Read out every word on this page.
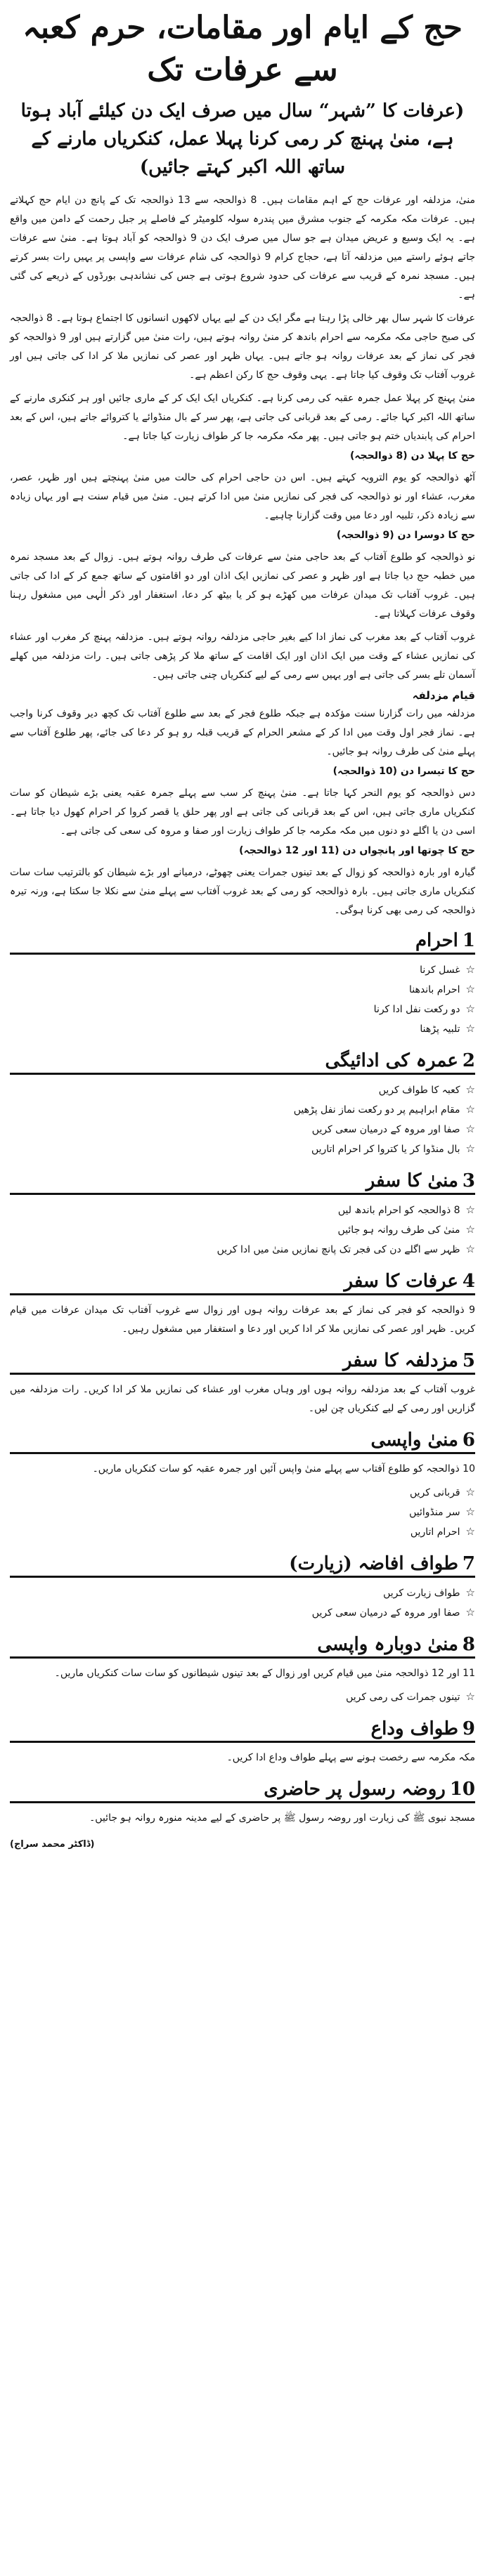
حج کے ایام اور مقامات، حرم کعبہ سے عرفات تک
(عرفات کا ”شہر“ سال میں صرف ایک دن کیلئے آباد ہوتا ہے، منیٰ پہنچ کر رمی کرنا پہلا عمل، کنکریاں مارنے کے ساتھ اللہ اکبر کہتے جائیں)

منیٰ، مزدلفہ اور عرفات حج کے اہم مقامات ہیں۔ 8 ذوالحجہ سے 13 ذوالحجہ تک کے پانچ دن ایام حج کہلاتے ہیں۔ عرفات مکہ مکرمہ کے جنوب مشرق میں پندرہ سولہ کلومیٹر کے فاصلے پر جبل رحمت کے دامن میں واقع ہے۔ یہ ایک وسیع و عریض میدان ہے جو سال میں صرف ایک دن 9 ذوالحجہ کو آباد ہوتا ہے۔ منیٰ سے عرفات جاتے ہوئے راستے میں مزدلفہ آتا ہے، حجاج کرام 9 ذوالحجہ کی شام عرفات سے واپسی پر یہیں رات بسر کرتے ہیں۔ مسجد نمرہ کے قریب سے عرفات کی حدود شروع ہوتی ہے جس کی نشاندہی بورڈوں کے ذریعے کی گئی ہے۔

عرفات کا شہر سال بھر خالی پڑا رہتا ہے مگر ایک دن کے لیے یہاں لاکھوں انسانوں کا اجتماع ہوتا ہے۔ 8 ذوالحجہ کی صبح حاجی مکہ مکرمہ سے احرام باندھ کر منیٰ روانہ ہوتے ہیں، رات منیٰ میں گزارتے ہیں اور 9 ذوالحجہ کو فجر کی نماز کے بعد عرفات روانہ ہو جاتے ہیں۔ یہاں ظہر اور عصر کی نمازیں ملا کر ادا کی جاتی ہیں اور غروب آفتاب تک وقوف کیا جاتا ہے۔ یہی وقوف حج کا رکن اعظم ہے۔

منیٰ پہنچ کر پہلا عمل جمرہ عقبہ کی رمی کرنا ہے۔ کنکریاں ایک ایک کر کے ماری جائیں اور ہر کنکری مارنے کے ساتھ اللہ اکبر کہا جائے۔ رمی کے بعد قربانی کی جاتی ہے، پھر سر کے بال منڈوائے یا کتروائے جاتے ہیں، اس کے بعد احرام کی پابندیاں ختم ہو جاتی ہیں۔ پھر مکہ مکرمہ جا کر طواف زیارت کیا جاتا ہے۔

حج کا پہلا دن (8 ذوالحجہ)

آٹھ ذوالحجہ کو یوم الترویہ کہتے ہیں۔ اس دن حاجی احرام کی حالت میں منیٰ پہنچتے ہیں اور ظہر، عصر، مغرب، عشاء اور نو ذوالحجہ کی فجر کی نمازیں منیٰ میں ادا کرتے ہیں۔ منیٰ میں قیام سنت ہے اور یہاں زیادہ سے زیادہ ذکر، تلبیہ اور دعا میں وقت گزارنا چاہیے۔

حج کا دوسرا دن (9 ذوالحجہ)

نو ذوالحجہ کو طلوع آفتاب کے بعد حاجی منیٰ سے عرفات کی طرف روانہ ہوتے ہیں۔ زوال کے بعد مسجد نمرہ میں خطبہ حج دیا جاتا ہے اور ظہر و عصر کی نمازیں ایک اذان اور دو اقامتوں کے ساتھ جمع کر کے ادا کی جاتی ہیں۔ غروب آفتاب تک میدان عرفات میں کھڑے ہو کر یا بیٹھ کر دعا، استغفار اور ذکر الٰہی میں مشغول رہنا وقوف عرفات کہلاتا ہے۔

غروب آفتاب کے بعد مغرب کی نماز ادا کیے بغیر حاجی مزدلفہ روانہ ہوتے ہیں۔ مزدلفہ پہنچ کر مغرب اور عشاء کی نمازیں عشاء کے وقت میں ایک اذان اور ایک اقامت کے ساتھ ملا کر پڑھی جاتی ہیں۔ رات مزدلفہ میں کھلے آسمان تلے بسر کی جاتی ہے اور یہیں سے رمی کے لیے کنکریاں چنی جاتی ہیں۔

قیام مزدلفہ

مزدلفہ میں رات گزارنا سنت مؤکدہ ہے جبکہ طلوع فجر کے بعد سے طلوع آفتاب تک کچھ دیر وقوف کرنا واجب ہے۔ نماز فجر اول وقت میں ادا کر کے مشعر الحرام کے قریب قبلہ رو ہو کر دعا کی جائے، پھر طلوع آفتاب سے پہلے منیٰ کی طرف روانہ ہو جائیں۔

حج کا تیسرا دن (10 ذوالحجہ)

دس ذوالحجہ کو یوم النحر کہا جاتا ہے۔ منیٰ پہنچ کر سب سے پہلے جمرہ عقبہ یعنی بڑے شیطان کو سات کنکریاں ماری جاتی ہیں، اس کے بعد قربانی کی جاتی ہے اور پھر حلق یا قصر کروا کر احرام کھول دیا جاتا ہے۔ اسی دن یا اگلے دو دنوں میں مکہ مکرمہ جا کر طواف زیارت اور صفا و مروہ کی سعی کی جاتی ہے۔

حج کا چوتھا اور پانچواں دن (11 اور 12 ذوالحجہ)

گیارہ اور بارہ ذوالحجہ کو زوال کے بعد تینوں جمرات یعنی چھوٹے، درمیانے اور بڑے شیطان کو بالترتیب سات سات کنکریاں ماری جاتی ہیں۔ بارہ ذوالحجہ کو رمی کے بعد غروب آفتاب سے پہلے منیٰ سے نکلا جا سکتا ہے، ورنہ تیرہ ذوالحجہ کی رمی بھی کرنا ہوگی۔

1
احرام
☆
غسل کرنا
☆
احرام باندھنا
☆
دو رکعت نفل ادا کرنا
☆
تلبیہ پڑھنا
2
عمرہ کی ادائیگی
☆
کعبہ کا طواف کریں
☆
مقام ابراہیم پر دو رکعت نماز نفل پڑھیں
☆
صفا اور مروہ کے درمیان سعی کریں
☆
بال منڈوا کر یا کتروا کر احرام اتاریں
3
منیٰ کا سفر
☆
8 ذوالحجہ کو احرام باندھ لیں
☆
منیٰ کی طرف روانہ ہو جائیں
☆
ظہر سے اگلے دن کی فجر تک پانچ نمازیں منیٰ میں ادا کریں
4
عرفات کا سفر

9 ذوالحجہ کو فجر کی نماز کے بعد عرفات روانہ ہوں اور زوال سے غروب آفتاب تک میدان عرفات میں قیام کریں۔ ظہر اور عصر کی نمازیں ملا کر ادا کریں اور دعا و استغفار میں مشغول رہیں۔

5
مزدلفہ کا سفر

غروب آفتاب کے بعد مزدلفہ روانہ ہوں اور وہاں مغرب اور عشاء کی نمازیں ملا کر ادا کریں۔ رات مزدلفہ میں گزاریں اور رمی کے لیے کنکریاں چن لیں۔

6
منیٰ واپسی

10 ذوالحجہ کو طلوع آفتاب سے پہلے منیٰ واپس آئیں اور جمرہ عقبہ کو سات کنکریاں ماریں۔

☆
قربانی کریں
☆
سر منڈوائیں
☆
احرام اتاریں
7
طواف افاضہ (زیارت)
☆
طواف زیارت کریں
☆
صفا اور مروہ کے درمیان سعی کریں
8
منیٰ دوبارہ واپسی

11 اور 12 ذوالحجہ منیٰ میں قیام کریں اور زوال کے بعد تینوں شیطانوں کو سات سات کنکریاں ماریں۔

☆
تینوں جمرات کی رمی کریں
9
طواف وداع

مکہ مکرمہ سے رخصت ہونے سے پہلے طواف وداع ادا کریں۔

10
روضہ رسول پر حاضری

مسجد نبوی ﷺ کی زیارت اور روضہ رسول ﷺ پر حاضری کے لیے مدینہ منورہ روانہ ہو جائیں۔

(ڈاکٹر محمد سراج)
